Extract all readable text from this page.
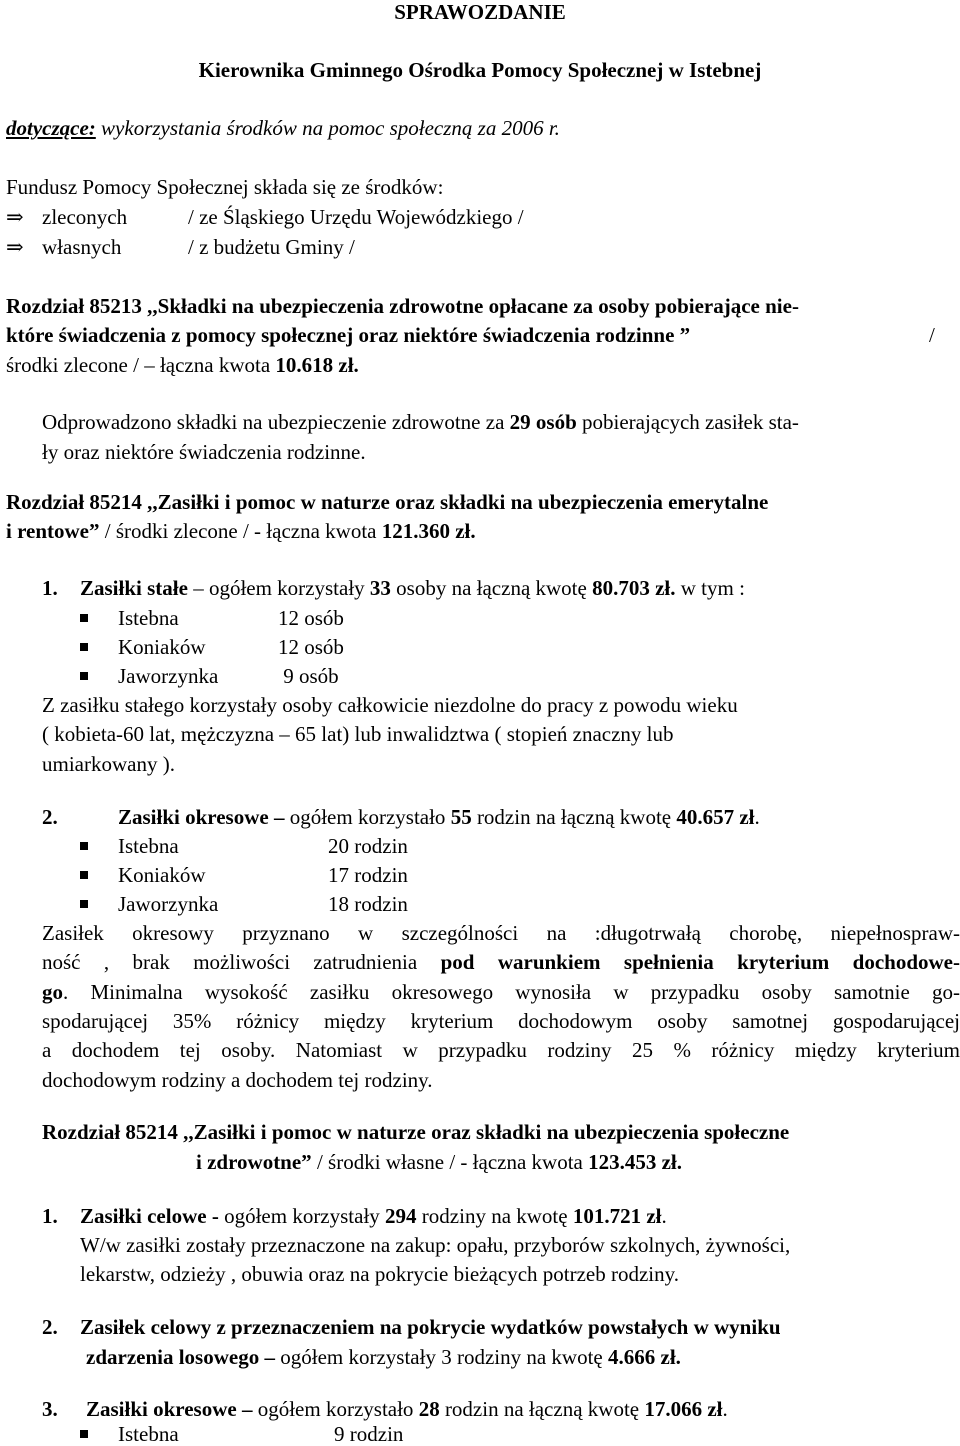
SPRAWOZDANIE
Kierownika Gminnego Ośrodka Pomocy Społecznej w Istebnej
dotyczące: wykorzystania środków na pomoc społeczną za 2006 r.
Fundusz Pomocy Społecznej składa się ze środków:
⇒ zleconych	/ ze Śląskiego Urzędu Wojewódzkiego /
⇒ własnych	/ z budżetu Gminy /
Rozdział 85213 ,,Składki na ubezpieczenia zdrowotne opłacane za osoby pobierające nie-
które świadczenia z pomocy społecznej oraz niektóre świadczenia rodzinne ”	/
środki zlecone / – łączna kwota 10.618 zł.
Odprowadzono składki na ubezpieczenie zdrowotne za 29 osób pobierających zasiłek sta-
ły oraz niektóre świadczenia rodzinne.
Rozdział 85214 ,,Zasiłki i pomoc w naturze oraz składki na ubezpieczenia emerytalne
i rentowe” / środki zlecone / - łączna kwota 121.360 zł.
1. Zasiłki stałe – ogółem korzystały 33 osoby na łączną kwotę 80.703 zł. w tym :
Istebna	12 osób
Koniaków	12 osób
Jaworzynka	9 osób
Z zasiłku stałego korzystały osoby całkowicie niezdolne do pracy z powodu wieku
( kobieta-60 lat, mężczyzna – 65 lat) lub inwalidztwa ( stopień znaczny lub
umiarkowany ).
2.	Zasiłki okresowe – ogółem korzystało 55 rodzin na łączną kwotę 40.657 zł.
Istebna	20 rodzin
Koniaków	17 rodzin
Jaworzynka	18 rodzin
Zasiłek okresowy przyznano w szczególności na :długotrwałą chorobę, niepełnospraw-
ność , brak możliwości zatrudnienia pod warunkiem spełnienia kryterium dochodowe-
go. Minimalna wysokość zasiłku okresowego wynosiła w przypadku osoby samotnie go-
spodarującej 35% różnicy między kryterium dochodowym osoby samotnej gospodarującej
a dochodem tej osoby. Natomiast w przypadku rodziny 25 % różnicy między kryterium
dochodowym rodziny a dochodem tej rodziny.
Rozdział 85214 ,,Zasiłki i pomoc w naturze oraz składki na ubezpieczenia społeczne
i zdrowotne” / środki własne / - łączna kwota 123.453 zł.
1. Zasiłki celowe - ogółem korzystały 294 rodziny na kwotę 101.721 zł.
W/w zasiłki zostały przeznaczone na zakup: opału, przyborów szkolnych, żywności,
lekarstw, odzieży , obuwia oraz na pokrycie bieżących potrzeb rodziny.
2. Zasiłek celowy z przeznaczeniem na pokrycie wydatków powstałych w wyniku
zdarzenia losowego – ogółem korzystały 3 rodziny na kwotę 4.666 zł.
3. Zasiłki okresowe – ogółem korzystało 28 rodzin na łączną kwotę 17.066 zł.
Istebna	9 rodzin
